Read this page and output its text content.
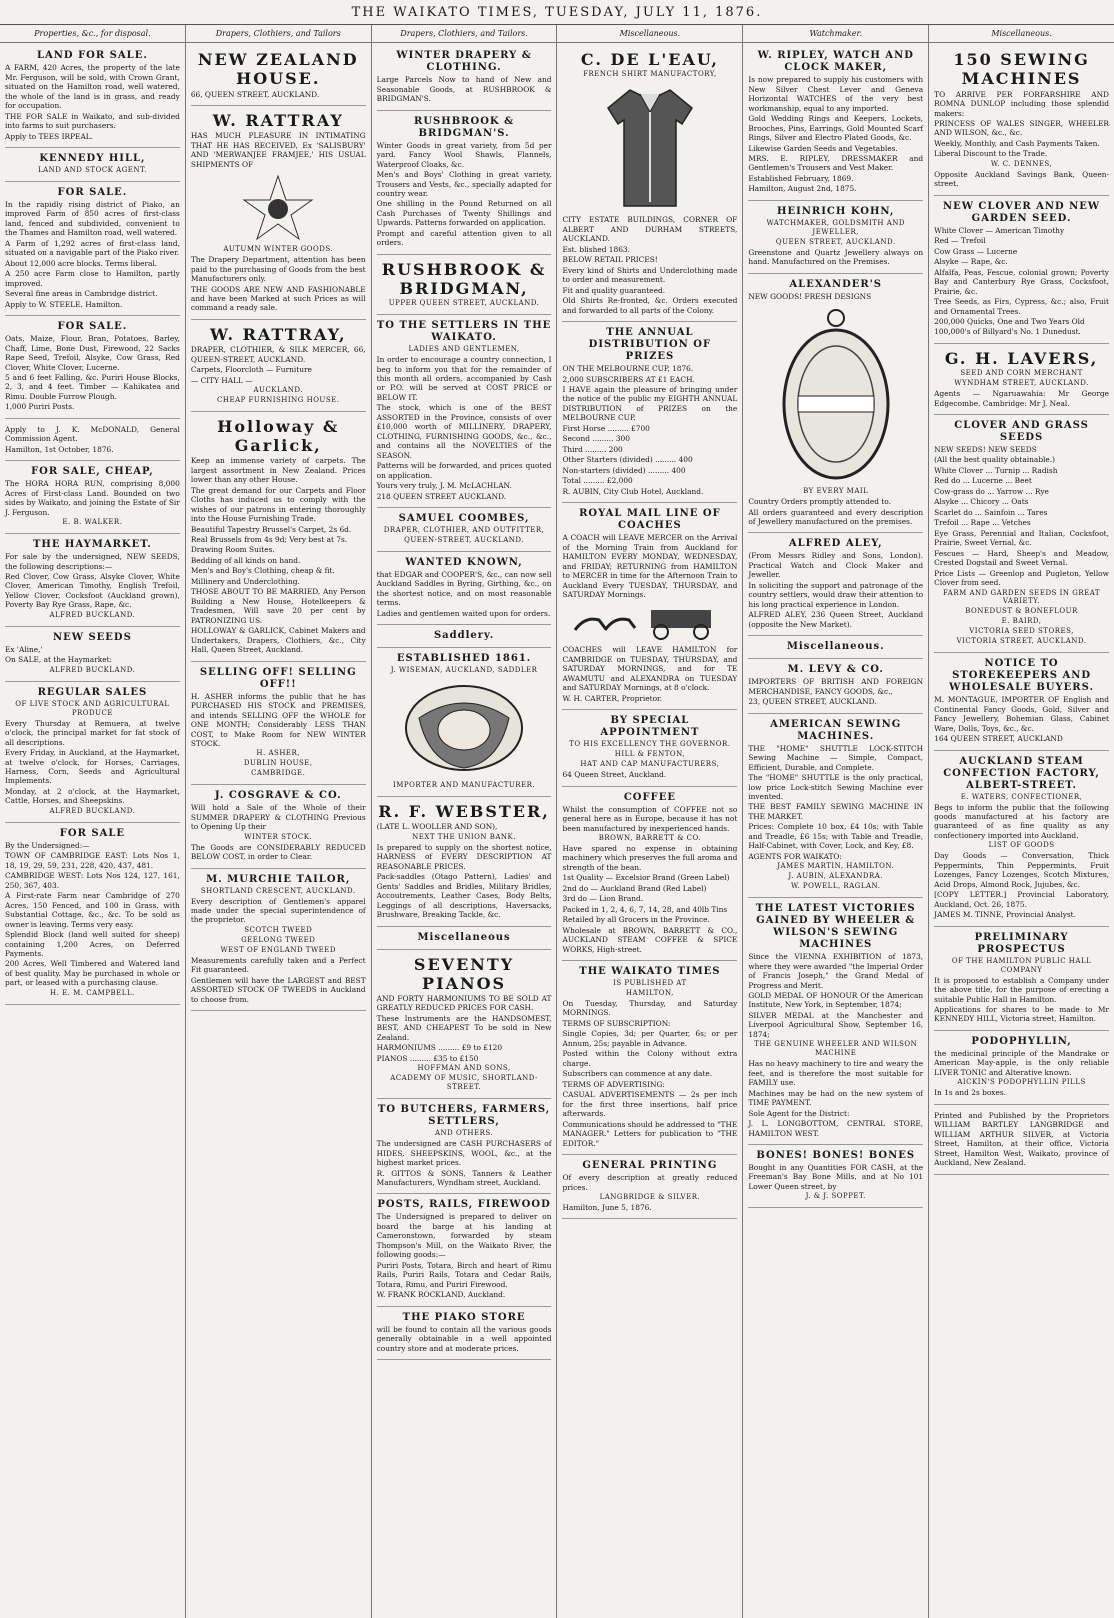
THE WAIKATO TIMES, TUESDAY, JULY 11, 1876.
Properties, &c., for disposal.
LAND FOR SALE.

A FARM, 420 Acres, the property of the late Mr. Ferguson, will be sold, with Crown Grant, situated on the Hamilton road, well watered, the whole of the land is in grass, and ready for occupation.

THE FOR SALE in Waikato, and sub-divided into farms to suit purchasers.

Apply to TEES IRPEAL.

KENNEDY HILL,

LAND AND STOCK AGENT.

FOR SALE.

In the rapidly rising district of Piako, an improved Farm of 850 acres of first-class land, fenced and subdivided, convenient to the Thames and Hamilton road, well watered.

A Farm of 1,292 acres of first-class land, situated on a navigable part of the Piako river.

About 12,000 acre blocks. Terms liberal.

A 250 acre Farm close to Hamilton, partly improved.

Several fine areas in Cambridge district.

Apply to W. STEELE, Hamilton.

FOR SALE.

Oats, Maize, Flour, Bran, Potatoes, Barley, Chaff, Lime, Bone Dust, Firewood, 22 Sacks Rape Seed, Trefoil, Alsyke, Cow Grass, Red Clover, White Clover, Lucerne.

5 and 6 feet Falling, &c. Puriri House Blocks, 2, 3, and 4 feet. Timber — Kahikatea and Rimu. Double Furrow Plough.

1,000 Puriri Posts.

Apply to J. K. McDONALD, General Commission Agent.

Hamilton, 1st October, 1876.

FOR SALE, CHEAP,

The HORA HORA RUN, comprising 8,000 Acres of First-class Land. Bounded on two sides by Waikato, and joining the Estate of Sir J. Ferguson.

E. B. WALKER.

THE HAYMARKET.

For sale by the undersigned, NEW SEEDS, the following descriptions:—

Red Clover, Cow Grass, Alsyke Clover, White Clover, American Timothy, English Trefoil, Yellow Clover, Cocksfoot (Auckland grown), Poverty Bay Rye Grass, Rape, &c.

ALFRED BUCKLAND.

NEW SEEDS

Ex 'Aline,'

On SALE, at the Haymarket:

ALFRED BUCKLAND.

REGULAR SALES

OF LIVE STOCK AND AGRICULTURAL PRODUCE

Every Thursday at Remuera, at twelve o'clock, the principal market for fat stock of all descriptions.

Every Friday, in Auckland, at the Haymarket, at twelve o'clock, for Horses, Carriages, Harness, Corn, Seeds and Agricultural Implements.

Monday, at 2 o'clock, at the Haymarket, Cattle, Horses, and Sheepskins.

ALFRED BUCKLAND.

FOR SALE

By the Undersigned:—

TOWN OF CAMBRIDGE EAST: Lots Nos 1, 18, 19, 29, 59, 231, 228, 420, 437, 481.

CAMBRIDGE WEST: Lots Nos 124, 127, 161, 250, 367, 403.

A First-rate Farm near Cambridge of 270 Acres, 150 Fenced, and 100 in Grass, with Substantial Cottage, &c., &c. To be sold as owner is leaving. Terms very easy.

Splendid Block (land well suited for sheep) containing 1,200 Acres, on Deferred Payments.

200 Acres, Well Timbered and Watered land of best quality. May be purchased in whole or part, or leased with a purchasing clause.

H. E. M. CAMPBELL.

Drapers, Clothiers, and Tailors
NEW ZEALAND HOUSE.

66, QUEEN STREET, AUCKLAND.

W. RATTRAY

HAS MUCH PLEASURE IN INTIMATING THAT HE HAS RECEIVED, Ex 'SALISBURY' AND 'MERWANJEE FRAMJEE,' HIS USUAL SHIPMENTS OF

AUTUMN WINTER GOODS.

The Drapery Department, attention has been paid to the purchasing of Goods from the best Manufacturers only.

THE GOODS ARE NEW AND FASHIONABLE and have been Marked at such Prices as will command a ready sale.

W. RATTRAY,

DRAPER, CLOTHIER, & SILK MERCER, 66, QUEEN-STREET, AUCKLAND.

Carpets, Floorcloth — Furniture

— CITY HALL —

AUCKLAND.

CHEAP FURNISHING HOUSE.

Holloway & Garlick,

Keep an immense variety of carpets. The largest assortment in New Zealand. Prices lower than any other House.

The great demand for our Carpets and Floor Cloths has induced us to comply with the wishes of our patrons in entering thoroughly into the House Furnishing Trade.

Beautiful Tapestry Brussel's Carpet, 2s 6d.

Real Brussels from 4s 9d; Very best at 7s.

Drawing Room Suites.

Bedding of all kinds on hand.

Men's and Boy's Clothing, cheap & fit.

Millinery and Underclothing.

THOSE ABOUT TO BE MARRIED, Any Person Building a New House, Hotelkeepers & Tradesmen, Will save 20 per cent by PATRONIZING US.

HOLLOWAY & GARLICK, Cabinet Makers and Undertakers, Drapers, Clothiers, &c., City Hall, Queen Street, Auckland.

SELLING OFF! SELLING OFF!!

H. ASHER informs the public that he has PURCHASED HIS STOCK and PREMISES, and intends SELLING OFF the WHOLE for ONE MONTH; Considerably LESS THAN COST, to Make Room for NEW WINTER STOCK.

H. ASHER,

DUBLIN HOUSE,

CAMBRIDGE.

J. COSGRAVE & CO.

Will hold a Sale of the Whole of their SUMMER DRAPERY & CLOTHING Previous to Opening Up their

WINTER STOCK.

The Goods are CONSIDERABLY REDUCED BELOW COST, in order to Clear.

M. MURCHIE TAILOR,

SHORTLAND CRESCENT, AUCKLAND.

Every description of Gentlemen's apparel made under the special superintendence of the proprietor.

SCOTCH TWEED

GEELONG TWEED

WEST OF ENGLAND TWEED

Measurements carefully taken and a Perfect Fit guaranteed.

Gentlemen will have the LARGEST and BEST ASSORTED STOCK OF TWEEDS in Auckland to choose from.

Drapers, Clothiers, and Tailors.
WINTER DRAPERY & CLOTHING.

Large Parcels Now to hand of New and Seasonable Goods, at RUSHBROOK & BRIDGMAN'S.

RUSHBROOK & BRIDGMAN'S.

Winter Goods in great variety, from 5d per yard. Fancy Wool Shawls, Flannels, Waterproof Cloaks, &c.

Men's and Boys' Clothing in great variety, Trousers and Vests, &c., specially adapted for country wear.

One shilling in the Pound Returned on all Cash Purchases of Twenty Shillings and Upwards. Patterns forwarded on application.

Prompt and careful attention given to all orders.

RUSHBROOK & BRIDGMAN,

UPPER QUEEN STREET, AUCKLAND.

TO THE SETTLERS IN THE WAIKATO.

LADIES AND GENTLEMEN,

In order to encourage a country connection, I beg to inform you that for the remainder of this month all orders, accompanied by Cash or P.O. will be served at COST PRICE or BELOW IT.

The stock, which is one of the BEST ASSORTED in the Province, consists of over £10,000 worth of MILLINERY, DRAPERY, CLOTHING, FURNISHING GOODS, &c., &c., and contains all the NOVELTIES of the SEASON.

Patterns will be forwarded, and prices quoted on application.

Yours very truly, J. M. McLACHLAN.

218 QUEEN STREET AUCKLAND.

SAMUEL COOMBES,

DRAPER, CLOTHIER, AND OUTFITTER,

QUEEN-STREET, AUCKLAND.

WANTED KNOWN,

that EDGAR and COOPER'S, &c., can now sell Auckland Saddles in Byring, Girthing, &c., on the shortest notice, and on most reasonable terms.

Ladies and gentlemen waited upon for orders.

Saddlery.
ESTABLISHED 1861.

J. WISEMAN, AUCKLAND, SADDLER

IMPORTER AND MANUFACTURER.

R. F. WEBSTER,

(LATE L. WOOLLER AND SON),

NEXT THE UNION BANK.

Is prepared to supply on the shortest notice, HARNESS of EVERY DESCRIPTION AT REASONABLE PRICES.

Pack-saddles (Otago Pattern), Ladies' and Gents' Saddles and Bridles, Military Bridles, Accoutrements, Leather Cases, Body Belts, Leggings of all descriptions, Haversacks, Brushware, Breaking Tackle, &c.

Miscellaneous
SEVENTY PIANOS

AND FORTY HARMONIUMS TO BE SOLD AT GREATLY REDUCED PRICES FOR CASH.

These Instruments are the HANDSOMEST, BEST, AND CHEAPEST To be sold in New Zealand.

HARMONIUMS ......... £9 to £120

PIANOS ......... £35 to £150

HOFFMAN AND SONS,

ACADEMY OF MUSIC, SHORTLAND-STREET.

TO BUTCHERS, FARMERS, SETTLERS,

AND OTHERS.

The undersigned are CASH PURCHASERS of HIDES, SHEEPSKINS, WOOL, &c., at the highest market prices.

R. GITTOS & SONS, Tanners & Leather Manufacturers, Wyndham street, Auckland.

POSTS, RAILS, FIREWOOD

The Undersigned is prepared to deliver on board the barge at his landing at Cameronstown, forwarded by steam Thompson's Mill, on the Waikato River, the following goods:—

Puriri Posts, Totara, Birch and heart of Rimu Rails, Puriri Rails, Totara and Cedar Rails, Totara, Rimu, and Puriri Firewood.

W. FRANK ROCKLAND, Auckland.

THE PIAKO STORE

will be found to contain all the various goods generally obtainable in a well appointed country store and at moderate prices.

Miscellaneous.
C. DE L'EAU,

FRENCH SHIRT MANUFACTORY,

CITY ESTATE BUILDINGS, CORNER OF ALBERT AND DURHAM STREETS, AUCKLAND.

Est. blished 1863.

BELOW RETAIL PRICES!

Every kind of Shirts and Underclothing made to order and measurement.

Fit and quality guaranteed.

Old Shirts Re-fronted, &c. Orders executed and forwarded to all parts of the Colony.

THE ANNUAL DISTRIBUTION OF PRIZES

ON THE MELBOURNE CUP, 1876.

2,000 SUBSCRIBERS AT £1 EACH.

I HAVE again the pleasure of bringing under the notice of the public my EIGHTH ANNUAL DISTRIBUTION of PRIZES on the MELBOURNE CUP.

First Horse ......... £700

Second ......... 300

Third ......... 200

Other Starters (divided) ......... 400

Non-starters (divided) ......... 400

Total ......... £2,000

R. AUBIN, City Club Hotel, Auckland.

ROYAL MAIL LINE OF COACHES

A COACH will LEAVE MERCER on the Arrival of the Morning Train from Auckland for HAMILTON EVERY MONDAY, WEDNESDAY, and FRIDAY; RETURNING from HAMILTON to MERCER in time for the Afternoon Train to Auckland Every TUESDAY, THURSDAY, and SATURDAY Mornings.

COACHES will LEAVE HAMILTON for CAMBRIDGE on TUESDAY, THURSDAY, and SATURDAY MORNINGS, and for TE AWAMUTU and ALEXANDRA on TUESDAY and SATURDAY Mornings, at 8 o'clock.

W. H. CARTER, Proprietor.

BY SPECIAL APPOINTMENT

TO HIS EXCELLENCY THE GOVERNOR.

HILL & FENTON,

HAT AND CAP MANUFACTURERS,

64 Queen Street, Auckland.

COFFEE

Whilst the consumption of COFFEE not so general here as in Europe, because it has not been manufactured by inexperienced hands.

BROWN, BARRETT & CO.

Have spared no expense in obtaining machinery which preserves the full aroma and strength of the bean.

1st Quality — Excelsior Brand (Green Label)

2nd do — Auckland Brand (Red Label)

3rd do — Lion Brand.

Packed in 1, 2, 4, 6, 7, 14, 28, and 40lb Tins

Retailed by all Grocers in the Province.

Wholesale at BROWN, BARRETT & CO., AUCKLAND STEAM COFFEE & SPICE WORKS, High-street.

THE WAIKATO TIMES

IS PUBLISHED AT

HAMILTON,

On Tuesday, Thursday, and Saturday MORNINGS.

TERMS OF SUBSCRIPTION:

Single Copies, 3d; per Quarter, 6s; or per Annum, 25s; payable in Advance.

Posted within the Colony without extra charge.

Subscribers can commence at any date.

TERMS OF ADVERTISING:

CASUAL ADVERTISEMENTS — 2s per inch for the first three insertions, half price afterwards.

Communications should be addressed to "THE MANAGER." Letters for publication to "THE EDITOR."

GENERAL PRINTING

Of every description at greatly reduced prices.

LANGBRIDGE & SILVER.

Hamilton, June 5, 1876.

Watchmaker.
W. RIPLEY, WATCH AND CLOCK MAKER,

Is now prepared to supply his customers with New Silver Chest Lever and Geneva Horizontal WATCHES of the very best workmanship, equal to any imported.

Gold Wedding Rings and Keepers, Lockets, Brooches, Pins, Earrings, Gold Mounted Scarf Rings, Silver and Electro Plated Goods, &c.

Likewise Garden Seeds and Vegetables.

MRS. E. RIPLEY, DRESSMAKER and Gentlemen's Trousers and Vest Maker.

Established February, 1869.

Hamilton, August 2nd, 1875.

HEINRICH KOHN,

WATCHMAKER, GOLDSMITH AND JEWELLER,

QUEEN STREET, AUCKLAND.

Greenstone and Quartz Jewellery always on hand. Manufactured on the Premises.

ALEXANDER'S

NEW GOODS! FRESH DESIGNS

BY EVERY MAIL

Country Orders promptly attended to.

All orders guaranteed and every description of Jewellery manufactured on the premises.

ALFRED ALEY,

(From Messrs Ridley and Sons, London). Practical Watch and Clock Maker and Jeweller.

In soliciting the support and patronage of the country settlers, would draw their attention to his long practical experience in London.

ALFRED ALEY, 236 Queen Street, Auckland (opposite the New Market).

Miscellaneous.
M. LEVY & CO.

IMPORTERS OF BRITISH AND FOREIGN MERCHANDISE, FANCY GOODS, &c.,

23, QUEEN STREET, AUCKLAND.

AMERICAN SEWING MACHINES.

THE "HOME" SHUTTLE LOCK-STITCH Sewing Machine — Simple, Compact, Efficient, Durable, and Complete.

The "HOME" SHUTTLE is the only practical, low price Lock-stitch Sewing Machine ever invented.

THE BEST FAMILY SEWING MACHINE IN THE MARKET.

Prices: Complete 10 box, £4 10s; with Table and Treadle, £6 15s; with Table and Treadle, Half-Cabinet, with Cover, Lock, and Key, £8.

AGENTS FOR WAIKATO:

JAMES MARTIN, HAMILTON.

J. AUBIN, ALEXANDRA.

W. POWELL, RAGLAN.

THE LATEST VICTORIES GAINED BY WHEELER & WILSON'S SEWING MACHINES

Since the VIENNA EXHIBITION of 1873, where they were awarded "the Imperial Order of Francis Joseph," the Grand Medal of Progress and Merit.

GOLD MEDAL OF HONOUR Of the American Institute, New York, in September, 1874;

SILVER MEDAL at the Manchester and Liverpool Agricultural Show, September 16, 1874;

THE GENUINE WHEELER AND WILSON MACHINE

Has no heavy machinery to tire and weary the feet, and is therefore the most suitable for FAMILY use.

Machines may be had on the new system of TIME PAYMENT.

Sole Agent for the District:

J. L. LONGBOTTOM, CENTRAL STORE, HAMILTON WEST.

BONES! BONES! BONES

Bought in any Quantities FOR CASH, at the Freeman's Bay Bone Mills, and at No 101 Lower Queen street, by

J. & J. SOPPET.

Miscellaneous.
150 SEWING MACHINES

TO ARRIVE PER FORFARSHIRE AND ROMNA DUNLOP including those splendid makers:

PRINCESS OF WALES SINGER, WHEELER AND WILSON, &c., &c.

Weekly, Monthly, and Cash Payments Taken.

Liberal Discount to the Trade.

W. C. DENNES,

Opposite Auckland Savings Bank, Queen-street.

NEW CLOVER AND NEW GARDEN SEED.

White Clover — American Timothy

Red — Trefoil

Cow Grass — Lucerne

Alsyke — Rape, &c.

Alfalfa, Peas, Fescue, colonial grown; Poverty Bay and Canterbury Rye Grass, Cocksfoot, Prairie, &c.

Tree Seeds, as Firs, Cypress, &c.; also, Fruit and Ornamental Trees.

200,000 Quicks, One and Two Years Old

100,000's of Billyard's No. 1 Dunedust.

G. H. LAVERS,

SEED AND CORN MERCHANT

WYNDHAM STREET, AUCKLAND.

Agents — Ngaruawahia: Mr George Edgecombe. Cambridge: Mr J. Neal.

CLOVER AND GRASS SEEDS

NEW SEEDS! NEW SEEDS

(All the best quality obtainable.)

White Clover ... Turnip ... Radish

Red do ... Lucerne ... Beet

Cow-grass do ... Yarrow ... Rye

Alsyke ... Chicory ... Oats

Scarlet do ... Sainfoin ... Tares

Trefoil ... Rape ... Vetches

Eye Grass, Perennial and Italian, Cocksfoot, Prairie, Sweet Vernal, &c.

Fescues — Hard, Sheep's and Meadow, Crested Dogstail and Sweet Vernal.

Price Lists — Greenlop and Pugleton, Yellow Clover from seed.

FARM AND GARDEN SEEDS IN GREAT VARIETY.

BONEDUST & BONEFLOUR

E. BAIRD,

VICTORIA SEED STORES,

VICTORIA STREET, AUCKLAND.

NOTICE TO STOREKEEPERS AND WHOLESALE BUYERS.

M. MONTAGUE, IMPORTER OF English and Continental Fancy Goods, Gold, Silver and Fancy Jewellery, Bohemian Glass, Cabinet Ware, Dolls, Toys, &c., &c.

164 QUEEN STREET, AUCKLAND

AUCKLAND STEAM CONFECTION FACTORY, ALBERT-STREET.

E. WATERS, CONFECTIONER,

Begs to inform the public that the following goods manufactured at his factory are guaranteed of as fine quality as any confectionery imported into Auckland.

LIST OF GOODS

Day Goods — Conversation, Thick Peppermints, Thin Peppermints, Fruit Lozenges, Fancy Lozenges, Scotch Mixtures, Acid Drops, Almond Rock, Jujubes, &c.

[COPY LETTER.] Provincial Laboratory, Auckland, Oct. 26, 1875.

JAMES M. TINNE, Provincial Analyst.

PRELIMINARY PROSPECTUS

OF THE HAMILTON PUBLIC HALL COMPANY

It is proposed to establish a Company under the above title, for the purpose of erecting a suitable Public Hall in Hamilton.

Applications for shares to be made to Mr KENNEDY HILL, Victoria street, Hamilton.

PODOPHYLLIN,

the medicinal principle of the Mandrake or American May-apple, is the only reliable LIVER TONIC and Alterative known.

AICKIN'S PODOPHYLLIN PILLS

In 1s and 2s boxes.

Printed and Published by the Proprietors WILLIAM BARTLEY LANGBRIDGE and WILLIAM ARTHUR SILVER, at Victoria Street, Hamilton, at their office, Victoria Street, Hamilton West, Waikato, province of Auckland, New Zealand.
